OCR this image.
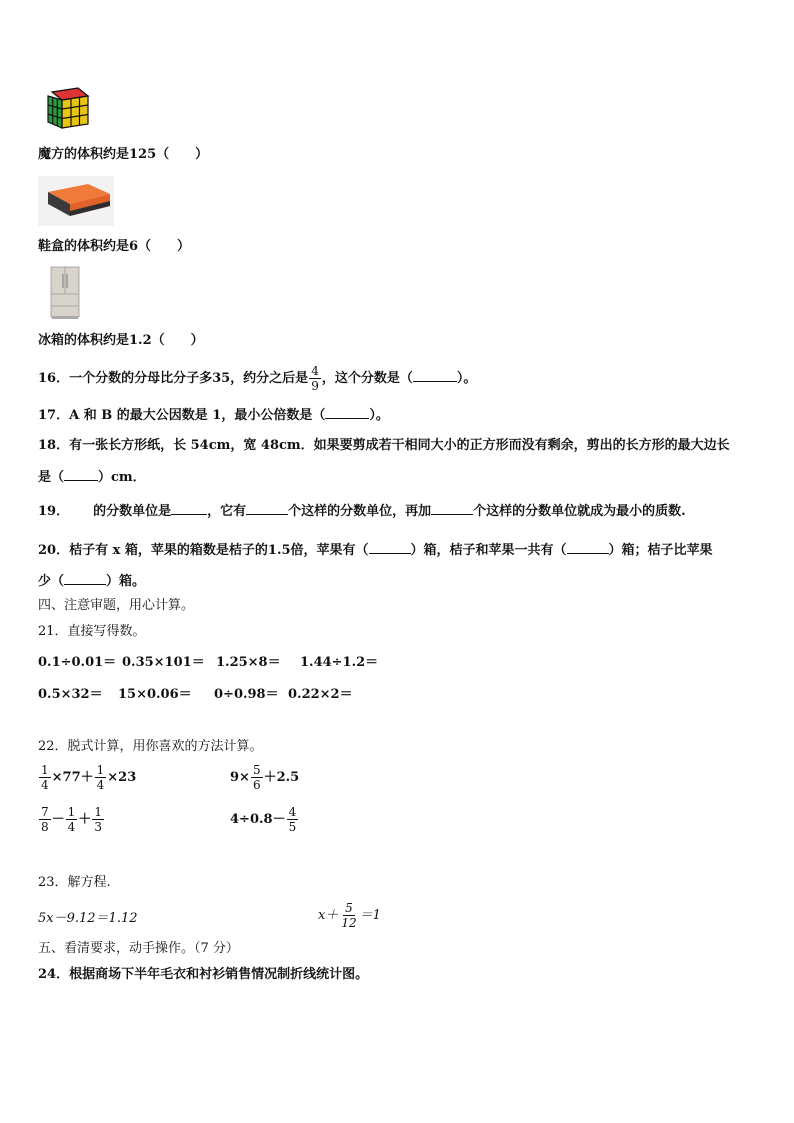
魔方的体积约是125（　　）
鞋盒的体积约是6（　　）
冰箱的体积约是1.2（　　）
16．一个分数的分母比分子多35，约分之后是 $\frac{4}{9}$ ，这个分数是（	）。
17．A 和 B 的最大公因数是 1，最小公倍数是（	）。
18．有一张长方形纸，长 54cm，宽 48cm．如果要剪成若干相同大小的正方形而没有剩余，剪出的长方形的最大边长
是（	）cm．
19． 的分数单位是	，它有	个这样的分数单位，再加	个这样的分数单位就成为最小的质数.
20．桔子有 x 箱，苹果的箱数是桔子的1.5倍，苹果有（	）箱，桔子和苹果一共有（	）箱；桔子比苹果
少（	）箱。
四、注意审题，用心计算。
21．直接写得数。
0.1÷0.01＝ 0.35×101＝ 1.25×8＝ 1.44÷1.2＝
0.5×32＝ 15×0.06＝ 0÷0.98＝ 0.22×2＝
22．脱式计算，用你喜欢的方法计算。
$\frac{1}{4} \times 77+ \frac{1}{4} \times 23$	$9\times \frac{5}{6} +2.5$
$\frac{7}{8} - \frac{1}{4} + \frac{1}{3}$	$4\div 0.8- \frac{4}{5}$
23．解方程.
5x－9.12＝1.12	$x+ \frac{5}{12} =1$
五、看清要求，动手操作。（7 分）
24．根据商场下半年毛衣和衬衫销售情况制折线统计图。
